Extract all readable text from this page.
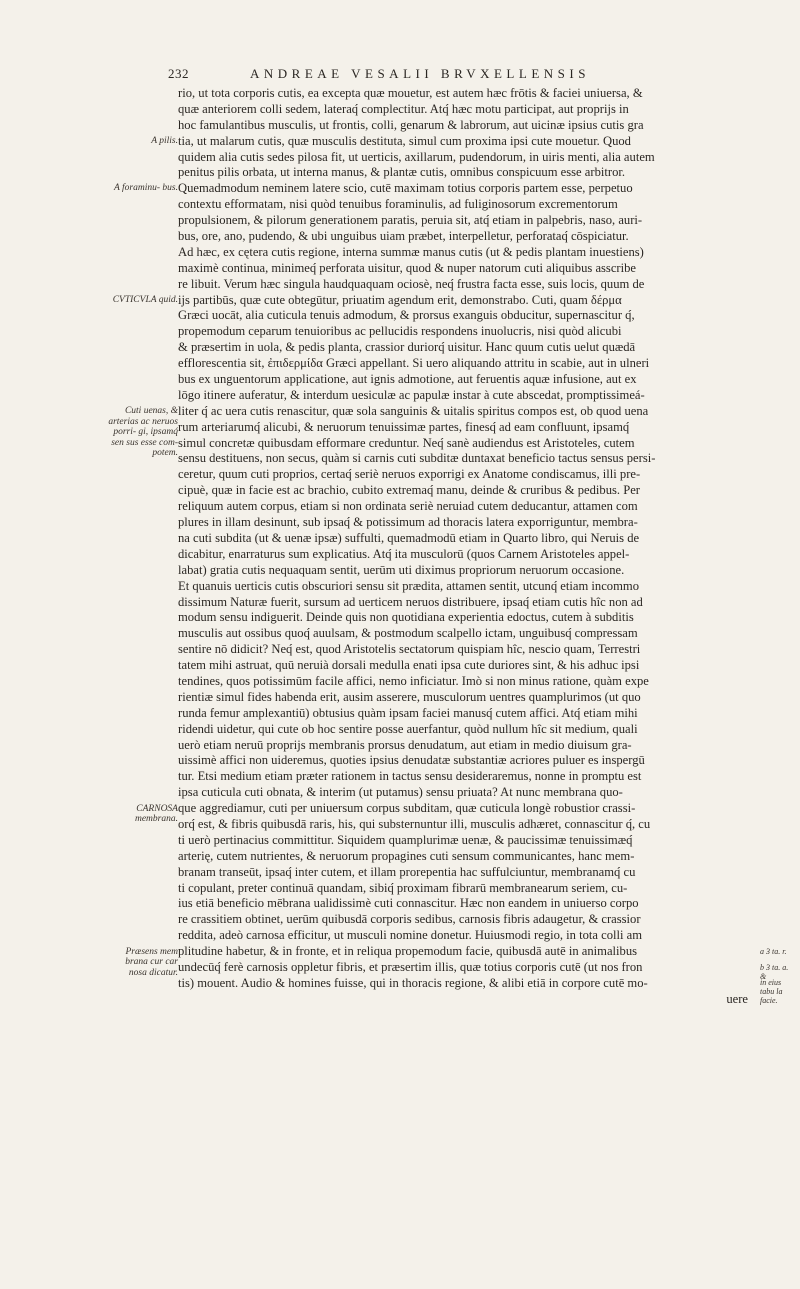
232	ANDREAE VESALII BRVXELLENSIS
rio, ut tota corporis cutis, ea excepta quæ mouetur, est autem hæc frōtis & faciei uniuersa, &
quæ anteriorem colli sedem, lateraq́ complectitur. Atq́ hæc motu participat, aut proprijs in
hoc famulantibus musculis, ut frontis, colli, genarum & labrorum, aut uicinæ ipsius cutis gra
tia, ut malarum cutis, quæ musculis destituta, simul cum proxima ipsi cute mouetur. Quod
quidem alia cutis sedes pilosa fit, ut uerticis, axillarum, pudendorum, in uiris menti, alia autem
penitus pilis orbata, ut interna manus, & plantæ cutis, omnibus conspicuum esse arbitror.
Quemadmodum neminem latere scio, cutē maximam totius corporis partem esse, perpetuo
contextu efformatam, nisi quòd tenuibus foraminulis, ad fuliginosorum excrementorum
propulsionem, & pilorum generationem paratis, peruia sit, atq́ etiam in palpebris, naso, auri-
bus, ore, ano, pudendo, & ubi unguibus uiam præbet, interpelletur, perforataq́ cōspiciatur.
Ad hæc, ex cętera cutis regione, interna summæ manus cutis (ut & pedis plantam inuestiens)
maximè continua, minimeq́ perforata uisitur, quod & nuper natorum cuti aliquibus asscribe
re libuit. Verum hæc singula haudquaquam ociosè, neq́ frustra facta esse, suis locis, quum de
ijs partibūs, quæ cute obtegūtur, priuatim agendum erit, demonstrabo. Cuti, quam δέρμα
Græci uocāt, alia cuticula tenuis admodum, & prorsus exanguis obducitur, supernascitur q́,
propemodum ceparum tenuioribus ac pellucidis respondens inuolucris, nisi quòd alicubi
& præsertim in uola, & pedis planta, crassior duriorq́ uisitur. Hanc quum cutis uelut quædā
efflorescentia sit, ἐπιδερμίδα Græci appellant. Si uero aliquando attritu in scabie, aut in ulneri
bus ex unguentorum applicatione, aut ignis admotione, aut feruentis aquæ infusione, aut ex
lōgo itinere auferatur, & interdum uesiculæ ac papulæ instar à cute abscedat, promptissimeá-
liter q́ ac uera cutis renascitur, quæ sola sanguinis & uitalis spiritus compos est, ob quod uena
rum arteriarumq́ alicubi, & neruorum tenuissimæ partes, finesq́ ad eam confluunt, ipsamq́
simul concretæ quibusdam efformare creduntur. Neq́ sanè audiendus est Aristoteles, cutem
sensu destituens, non secus, quàm si carnis cuti subditæ duntaxat beneficio tactus sensus persi-
ceretur, quum cuti proprios, certaq́ seriè neruos exporrigi ex Anatome condiscamus, illi pre-
cipuè, quæ in facie est ac brachio, cubito extremaq́ manu, deinde & cruribus & pedibus. Per
reliquum autem corpus, etiam si non ordinata seriè neruiad cutem deducantur, attamen com
plures in illam desinunt, sub ipsaq́ & potissimum ad thoracis latera exporriguntur, membra-
na cuti subdita (ut & uenæ ipsæ) suffulti, quemadmodū etiam in Quarto libro, qui Neruis de
dicabitur, enarraturus sum explicatius. Atq́ ita musculorū (quos Carnem Aristoteles appel-
labat) gratia cutis nequaquam sentit, uerūm uti diximus propriorum neruorum occasione.
Et quanuis uerticis cutis obscuriori sensu sit prædita, attamen sentit, utcunq́ etiam incommo
dissimum Naturæ fuerit, sursum ad uerticem neruos distribuere, ipsaq́ etiam cutis hîc non ad
modum sensu indiguerit. Deinde quis non quotidiana experientia edoctus, cutem à subditis
musculis aut ossibus quoq́ auulsam, & postmodum scalpello ictam, unguibusq́ compressam
sentire nō didicit? Neq́ est, quod Aristotelis sectatorum quispiam hîc, nescio quam, Terrestri
tatem mihi astruat, quū neruià dorsali medulla enati ipsa cute duriores sint, & his adhuc ipsi
tendines, quos potissimūm facile affici, nemo inficiatur. Imò si non minus ratione, quàm expe
rientiæ simul fides habenda erit, ausim asserere, musculorum uentres quamplurimos (ut quo
runda femur amplexantiū) obtusius quàm ipsam faciei manusq́ cutem affici. Atq́ etiam mihi
ridendi uidetur, qui cute ob hoc sentire posse auerfantur, quòd nullum hîc sit medium, quali
uerò etiam neruū proprijs membranis prorsus denudatum, aut etiam in medio diuisum gra-
uissimè affici non uideremus, quoties ipsius denudatæ substantiæ acriores puluer es inspergū
tur. Etsi medium etiam præter rationem in tactus sensu desideraremus, nonne in promptu est
ipsa cuticula cuti obnata, & interim (ut putamus) sensu priuata? At nunc membrana quo-
que aggrediamur, cuti per uniuersum corpus subditam, quæ cuticula longè robustior crassi-
orq́ est, & fibris quibusdā raris, his, qui substernuntur illi, musculis adhæret, connascitur q́, cu
ti uerò pertinacius committitur. Siquidem quamplurimæ uenæ, & paucissimæ tenuissimæq́
arterię, cutem nutrientes, & neruorum propagines cuti sensum communicantes, hanc mem-
branam transeūt, ipsaq́ inter cutem, et illam prorepentia hac suffulciuntur, membranamq́ cu
ti copulant, preter continuā quandam, sibiq́ proximam fibrarū membranearum seriem, cu-
ius etiā beneficio mēbrana ualidissimè cuti connascitur. Hæc non eandem in uniuerso corpo
re crassitiem obtinet, uerūm quibusdā corporis sedibus, carnosis fibris adaugetur, & crassior
reddita, adeò carnosa efficitur, ut musculi nomine donetur. Huiusmodi regio, in tota colli am
plitudine habetur, & in fronte, et in reliqua propemodum facie, quibusdā autē in animalibus
undecūq́ ferè carnosis oppletur fibris, et præsertim illis, quæ totius corporis cutē (ut nos fron
tis) mouent. Audio & homines fuisse, qui in thoracis regione, & alibi etiā in corpore cutē mo-
uere
A pilis.
A foraminu- bus.
CVTICVLA quid.
Cuti uenas, & arterias ac neruos porri- gi, ipsamq́ sen sus esse com- potem.
CARNOSA membrana.
Præsens mem brana cur car nosa dicatur.
a 3 ta. r.
b 3 ta. a. &
in eius tabu la facie.
